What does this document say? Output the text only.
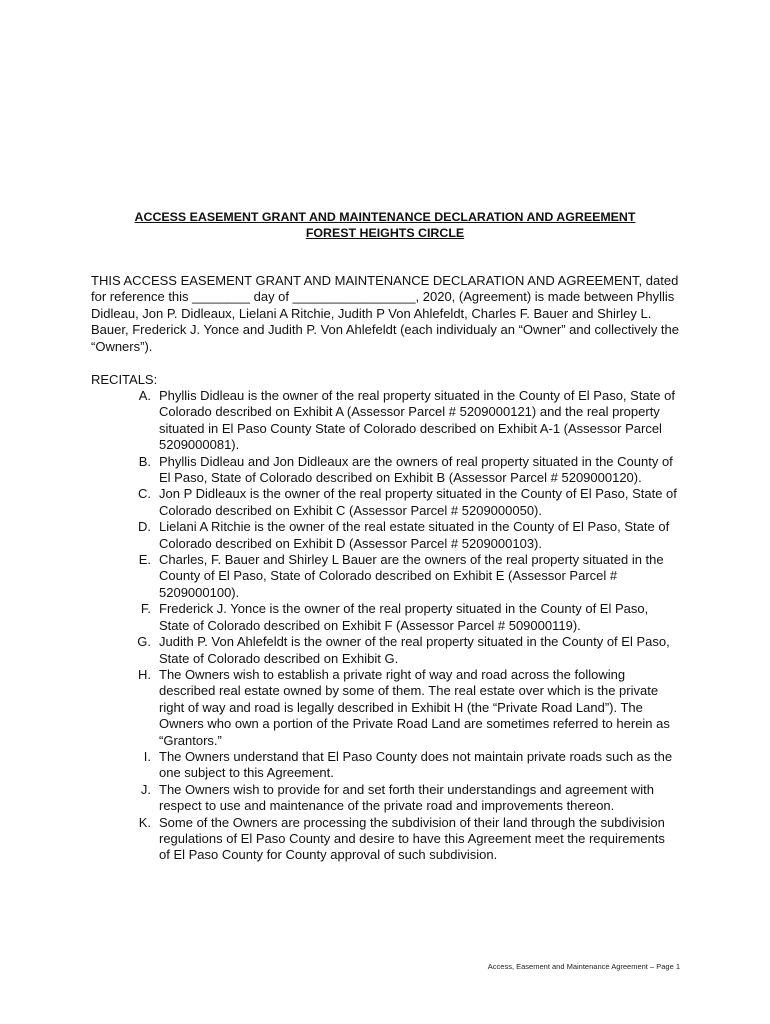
ACCESS EASEMENT GRANT AND MAINTENANCE DECLARATION AND AGREEMENT
FOREST HEIGHTS CIRCLE

THIS ACCESS EASEMENT GRANT AND MAINTENANCE DECLARATION AND AGREEMENT, dated for reference this ________ day of _________________, 2020, (Agreement) is made between Phyllis Didleau, Jon P. Didleaux, Lielani A Ritchie, Judith P Von Ahlefeldt, Charles F. Bauer and Shirley L. Bauer, Frederick J. Yonce and Judith P. Von Ahlefeldt (each individualy an “Owner” and collectively the “Owners”).

RECITALS:
A. Phyllis Didleau is the owner of the real property situated in the County of El Paso, State of Colorado described on Exhibit A (Assessor Parcel # 5209000121) and the real property situated in El Paso County State of Colorado described on Exhibit A-1 (Assessor Parcel 5209000081).
B. Phyllis Didleau and Jon Didleaux are the owners of real property situated in the County of El Paso, State of Colorado described on Exhibit B (Assessor Parcel # 5209000120).
C. Jon P Didleaux is the owner of the real property situated in the County of El Paso, State of Colorado described on Exhibit C (Assessor Parcel # 5209000050).
D. Lielani A Ritchie is the owner of the real estate situated in the County of El Paso, State of Colorado described on Exhibit D (Assessor Parcel # 5209000103).
E. Charles, F. Bauer and Shirley L Bauer are the owners of the real property situated in the County of El Paso, State of Colorado described on Exhibit E (Assessor Parcel # 5209000100).
F. Frederick J. Yonce is the owner of the real property situated in the County of El Paso, State of Colorado described on Exhibit F (Assessor Parcel # 509000119).
G. Judith P. Von Ahlefeldt is the owner of the real property situated in the County of El Paso, State of Colorado described on Exhibit G.
H. The Owners wish to establish a private right of way and road across the following described real estate owned by some of them. The real estate over which is the private right of way and road is legally described in Exhibit H (the “Private Road Land”). The Owners who own a portion of the Private Road Land are sometimes referred to herein as “Grantors.”
I. The Owners understand that El Paso County does not maintain private roads such as the one subject to this Agreement.
J. The Owners wish to provide for and set forth their understandings and agreement with respect to use and maintenance of the private road and improvements thereon.
K. Some of the Owners are processing the subdivision of their land through the subdivision regulations of El Paso County and desire to have this Agreement meet the requirements of El Paso County for County approval of such subdivision.
Access, Easement and Maintenance Agreement – Page 1
